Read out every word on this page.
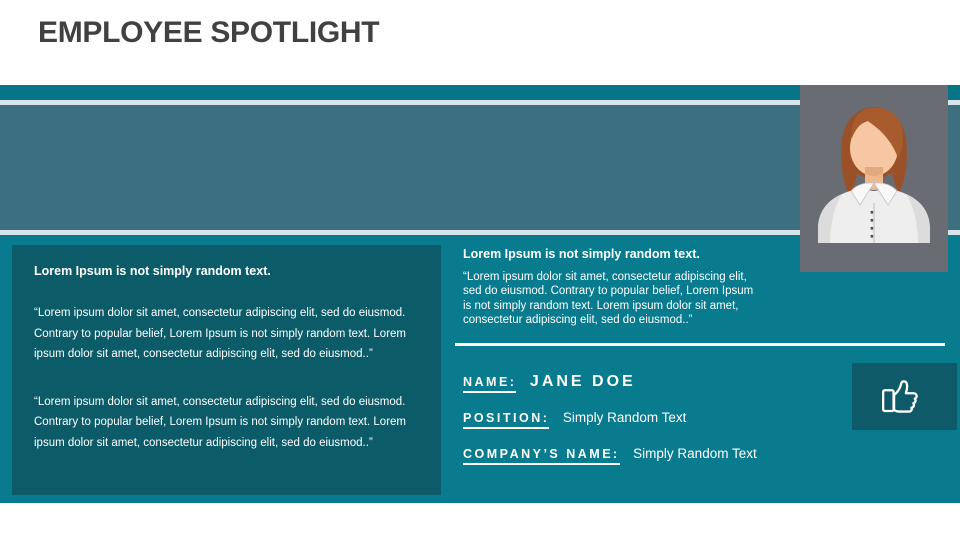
EMPLOYEE SPOTLIGHT
Lorem Ipsum is not simply random text.

“Lorem ipsum dolor sit amet, consectetur adipiscing elit, sed do eiusmod. Contrary to popular belief, Lorem Ipsum is not simply random text. Lorem ipsum dolor sit amet, consectetur adipiscing elit, sed do eiusmod..”

“Lorem ipsum dolor sit amet, consectetur adipiscing elit, sed do eiusmod. Contrary to popular belief, Lorem Ipsum is not simply random text. Lorem ipsum dolor sit amet, consectetur adipiscing elit, sed do eiusmod..”

Lorem Ipsum is not simply random text.

“Lorem ipsum dolor sit amet, consectetur adipiscing elit, sed do eiusmod. Contrary to popular belief, Lorem Ipsum is not simply random text. Lorem ipsum dolor sit amet, consectetur adipiscing elit, sed do eiusmod..”

NAME: JANE DOE
POSITION: Simply Random Text
COMPANY’S NAME: Simply Random Text
